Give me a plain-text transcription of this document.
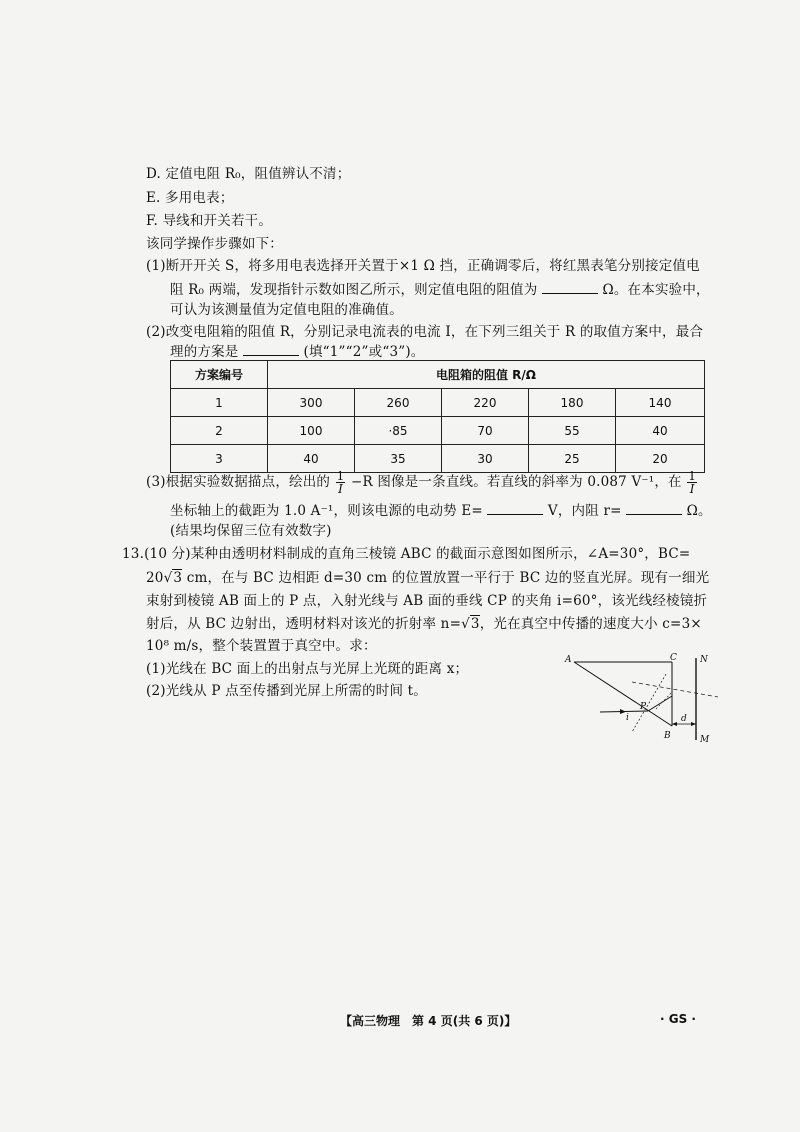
D. 定值电阻 R₀，阻值辨认不清；
E. 多用电表；
F. 导线和开关若干。
该同学操作步骤如下：
(1)断开开关 S，将多用电表选择开关置于×1 Ω 挡，正确调零后，将红黑表笔分别接定值电
阻 R₀ 两端，发现指针示数如图乙所示，则定值电阻的阻值为	Ω。在本实验中，
可认为该测量值为定值电阻的准确值。
(2)改变电阻箱的阻值 R，分别记录电流表的电流 I，在下列三组关于 R 的取值方案中，最合
理的方案是	(填“1”“2”或“3”)。
方案编号	电阻箱的阻值 R/Ω				
1	300	260	220	180	140
2	100	·85	70	55	40
3	40	35	30	25	20
(3)根据实验数据描点，绘出的 $\frac{1}{I} -R$ 图像是一条直线。若直线的斜率为 0.087 V⁻¹，在 $\frac{1}{I}$
坐标轴上的截距为 1.0 A⁻¹，则该电源的电动势 E=	V，内阻 r=	Ω。
(结果均保留三位有效数字)
13.(10 分)某种由透明材料制成的直角三棱镜 ABC 的截面示意图如图所示，∠A=30°，BC=
20√3 cm，在与 BC 边相距 d=30 cm 的位置放置一平行于 BC 边的竖直光屏。现有一细光
束射到棱镜 AB 面上的 P 点，入射光线与 AB 面的垂线 CP 的夹角 i=60°，该光线经棱镜折
射后，从 BC 边射出，透明材料对该光的折射率 n=√3，光在真空中传播的速度大小 c=3×
10⁸ m/s，整个装置置于真空中。求：
(1)光线在 BC 面上的出射点与光屏上光斑的距离 x；
(2)光线从 P 点至传播到光屏上所需的时间 t。
A	C	N
P
i
B
d
M
【高三物理　第 4 页(共 6 页)】	· GS ·
